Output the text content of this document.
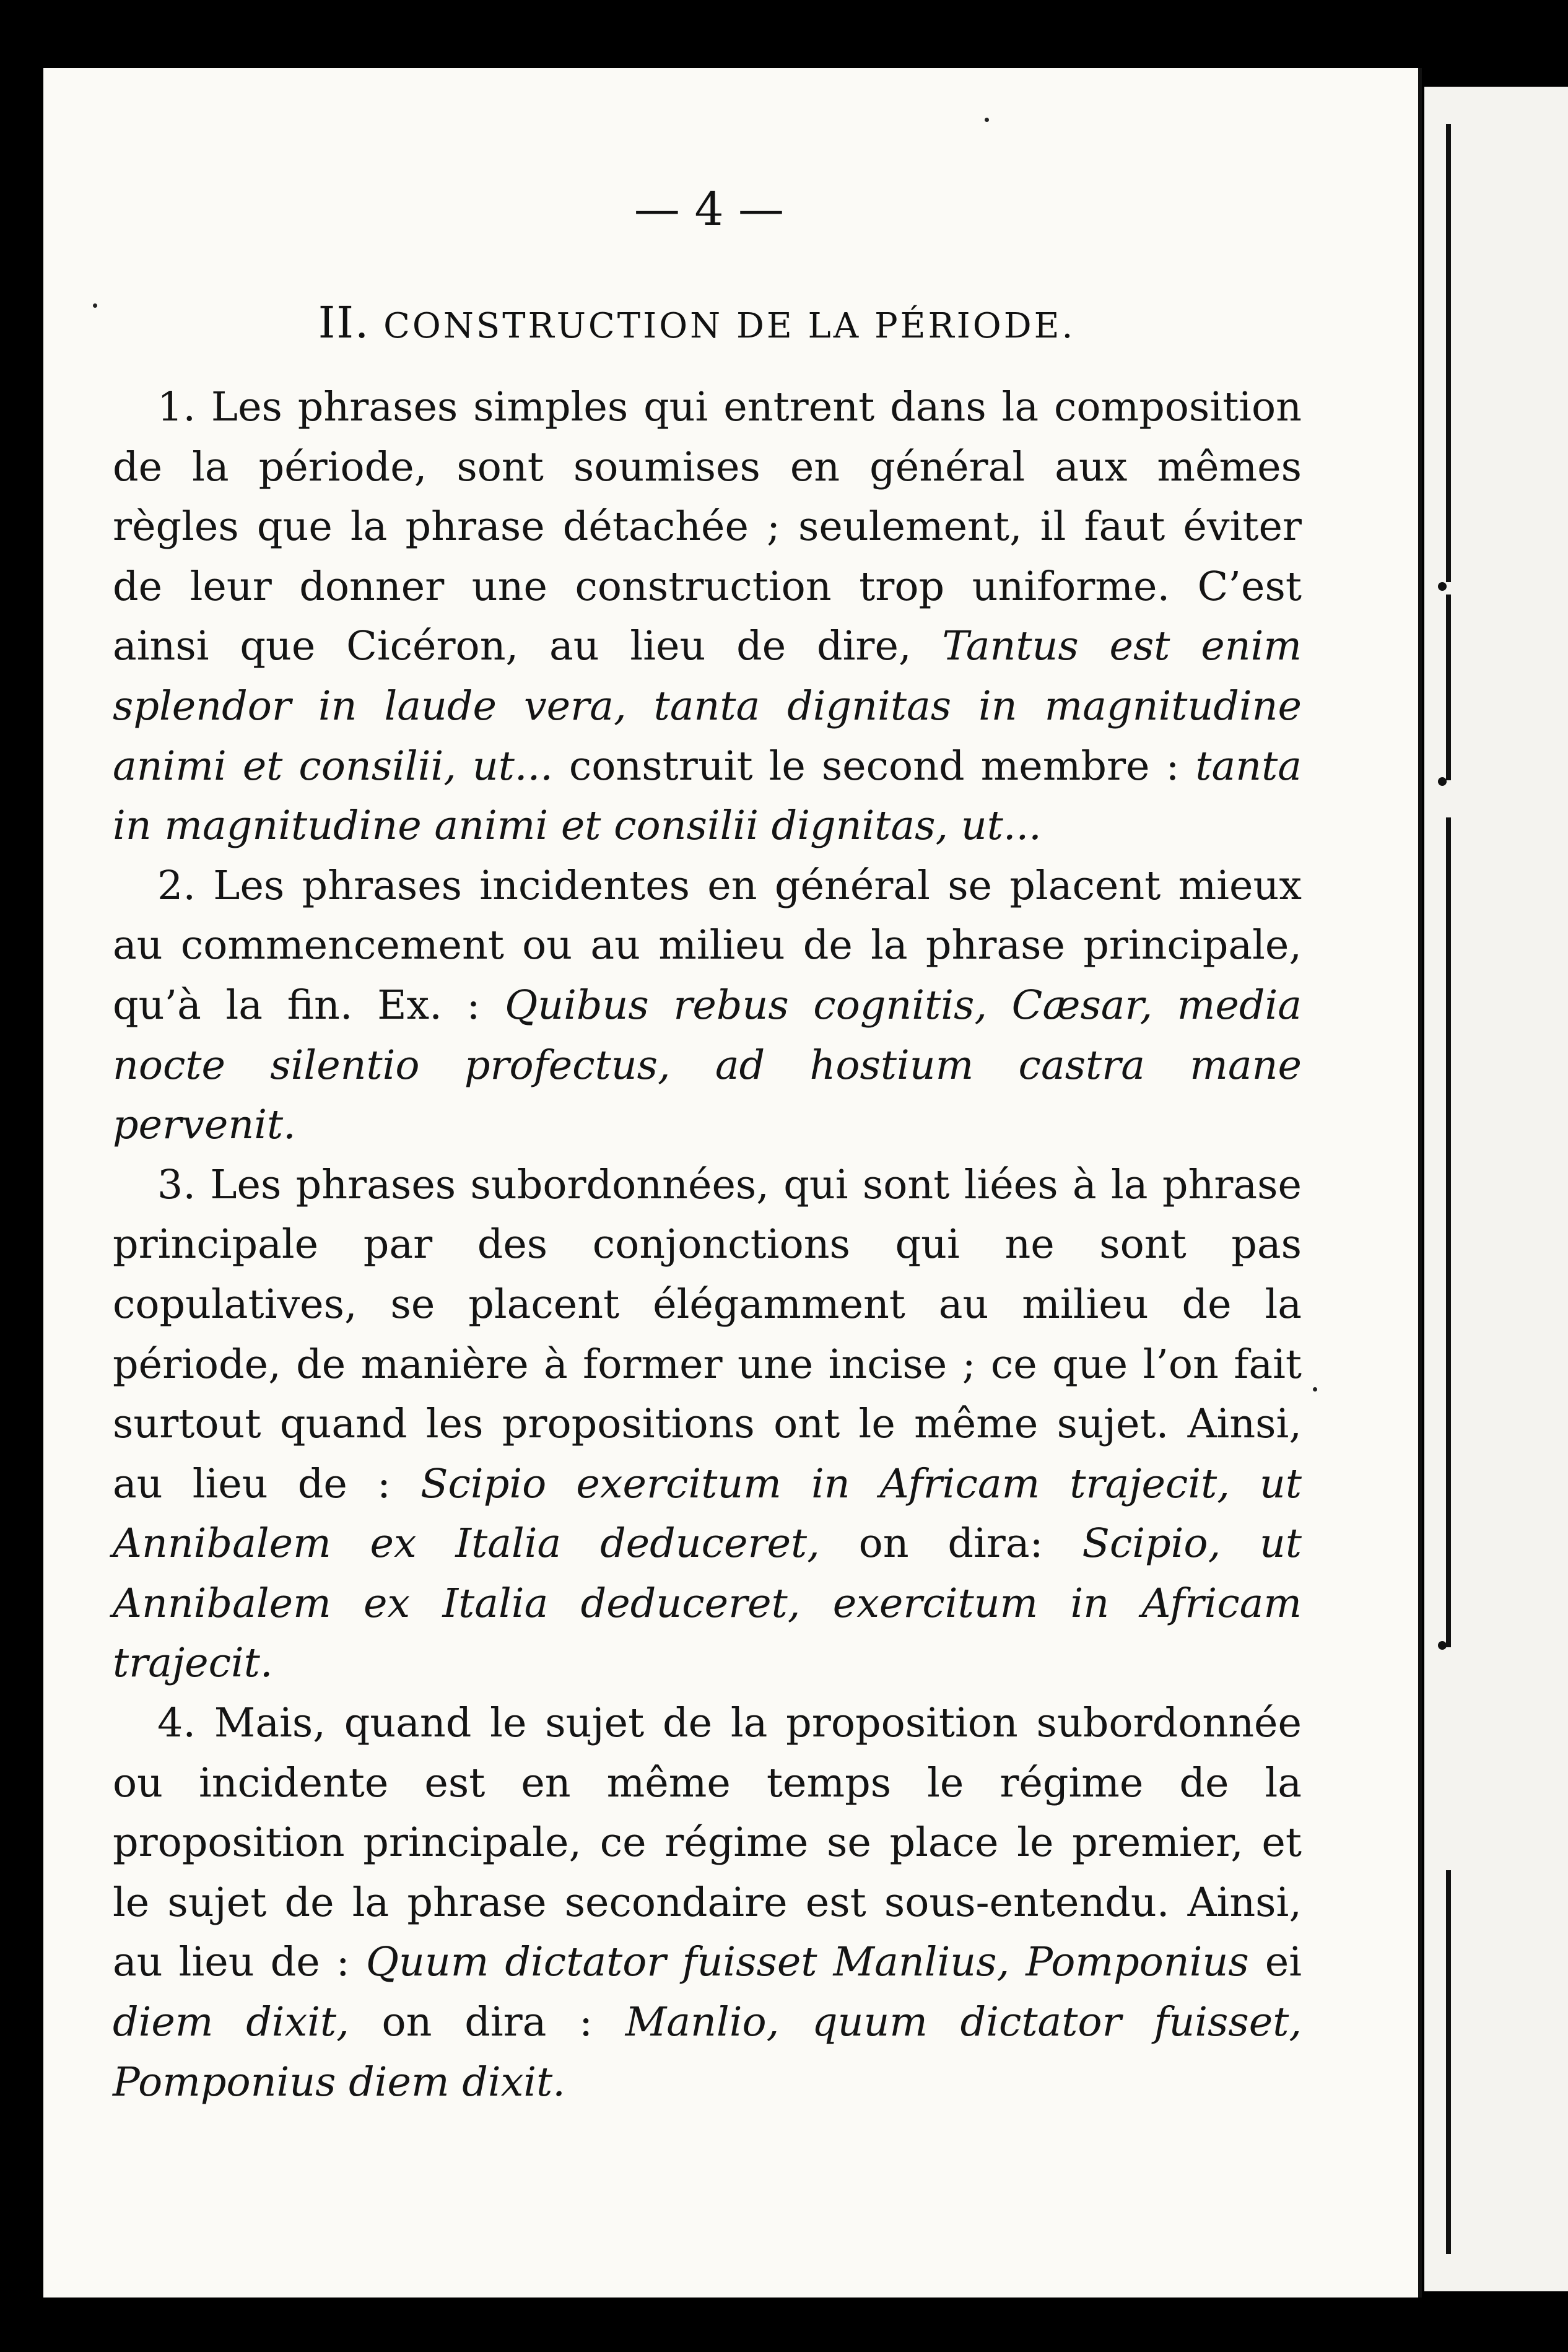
— 4 —
II. CONSTRUCTION DE LA PÉRIODE.

1. Les phrases simples qui entrent dans la composition de la période, sont soumises en général aux mêmes règles que la phrase détachée ; seulement, il faut éviter de leur donner une construction trop uniforme. C’est ainsi que Cicéron, au lieu de dire, Tantus est enim splendor in laude vera, tanta dignitas in magnitudine animi et consilii, ut... construit le second membre : tanta in magnitudine animi et consilii dignitas, ut...

2. Les phrases incidentes en général se placent mieux au commencement ou au milieu de la phrase principale, qu’à la fin. Ex. : Quibus rebus cognitis, Cæsar, media nocte silentio profectus, ad hostium castra mane pervenit.

3. Les phrases subordonnées, qui sont liées à la phrase principale par des conjonctions qui ne sont pas copulatives, se placent élégamment au milieu de la période, de manière à former une incise ; ce que l’on fait surtout quand les propositions ont le même sujet. Ainsi, au lieu de : Scipio exercitum in Africam trajecit, ut Annibalem ex Italia deduceret, on dira: Scipio, ut Annibalem ex Italia deduceret, exercitum in Africam trajecit.

4. Mais, quand le sujet de la proposition subordonnée ou incidente est en même temps le régime de la proposition principale, ce régime se place le premier, et le sujet de la phrase secondaire est sous-entendu. Ainsi, au lieu de : Quum dictator fuisset Manlius, Pomponius ei diem dixit, on dira : Manlio, quum dictator fuisset, Pomponius diem dixit.
